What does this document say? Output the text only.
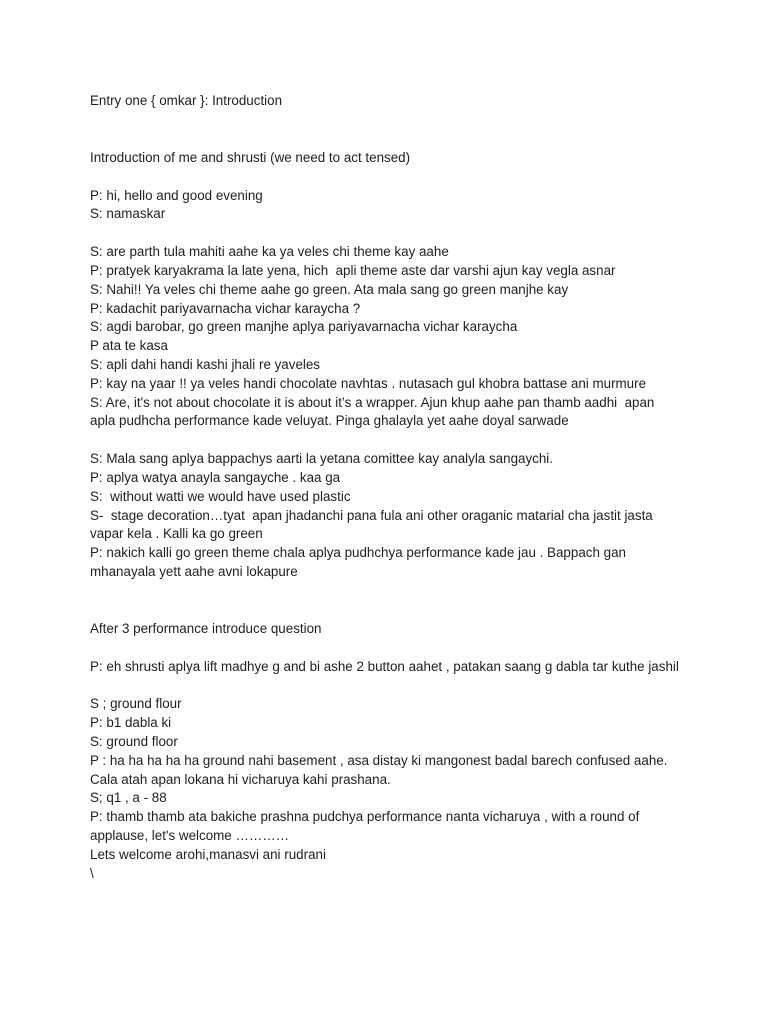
Entry one { omkar }: Introduction

Introduction of me and shrusti (we need to act tensed)

P: hi, hello and good evening
S: namaskar
S: are parth tula mahiti aahe ka ya veles chi theme kay aahe
P: pratyek karyakrama la late yena, hich  apli theme aste dar varshi ajun kay vegla asnar
S: Nahi!! Ya veles chi theme aahe go green. Ata mala sang go green manjhe kay
P: kadachit pariyavarnacha vichar karaycha ?
S: agdi barobar, go green manjhe aplya pariyavarnacha vichar karaycha
P ata te kasa
S: apli dahi handi kashi jhali re yaveles
P: kay na yaar !! ya veles handi chocolate navhtas . nutasach gul khobra battase ani murmure
S: Are, it's not about chocolate it is about it’s a wrapper. Ajun khup aahe pan thamb aadhi  apan apla pudhcha performance kade veluyat. Pinga ghalayla yet aahe doyal sarwade
S: Mala sang aplya bappachys aarti la yetana comittee kay analyla sangaychi.
P: aplya watya anayla sangayche . kaa ga
S:  without watti we would have used plastic
S-  stage decoration…tyat  apan jhadanchi pana fula ani other oraganic matarial cha jastit jasta vapar kela . Kalli ka go green
P: nakich kalli go green theme chala aplya pudhchya performance kade jau . Bappach gan mhanayala yett aahe avni lokapure

After 3 performance introduce question

P: eh shrusti aplya lift madhye g and bi ashe 2 button aahet , patakan saang g dabla tar kuthe jashil
S ; ground flour
P: b1 dabla ki
S: ground floor
P : ha ha ha ha ha ground nahi basement , asa distay ki mangonest badal barech confused aahe. Cala atah apan lokana hi vicharuya kahi prashana.
S; q1 , a - 88
P: thamb thamb ata bakiche prashna pudchya performance nanta vicharuya , with a round of applause, let's welcome …………
Lets welcome arohi,manasvi ani rudrani
\
